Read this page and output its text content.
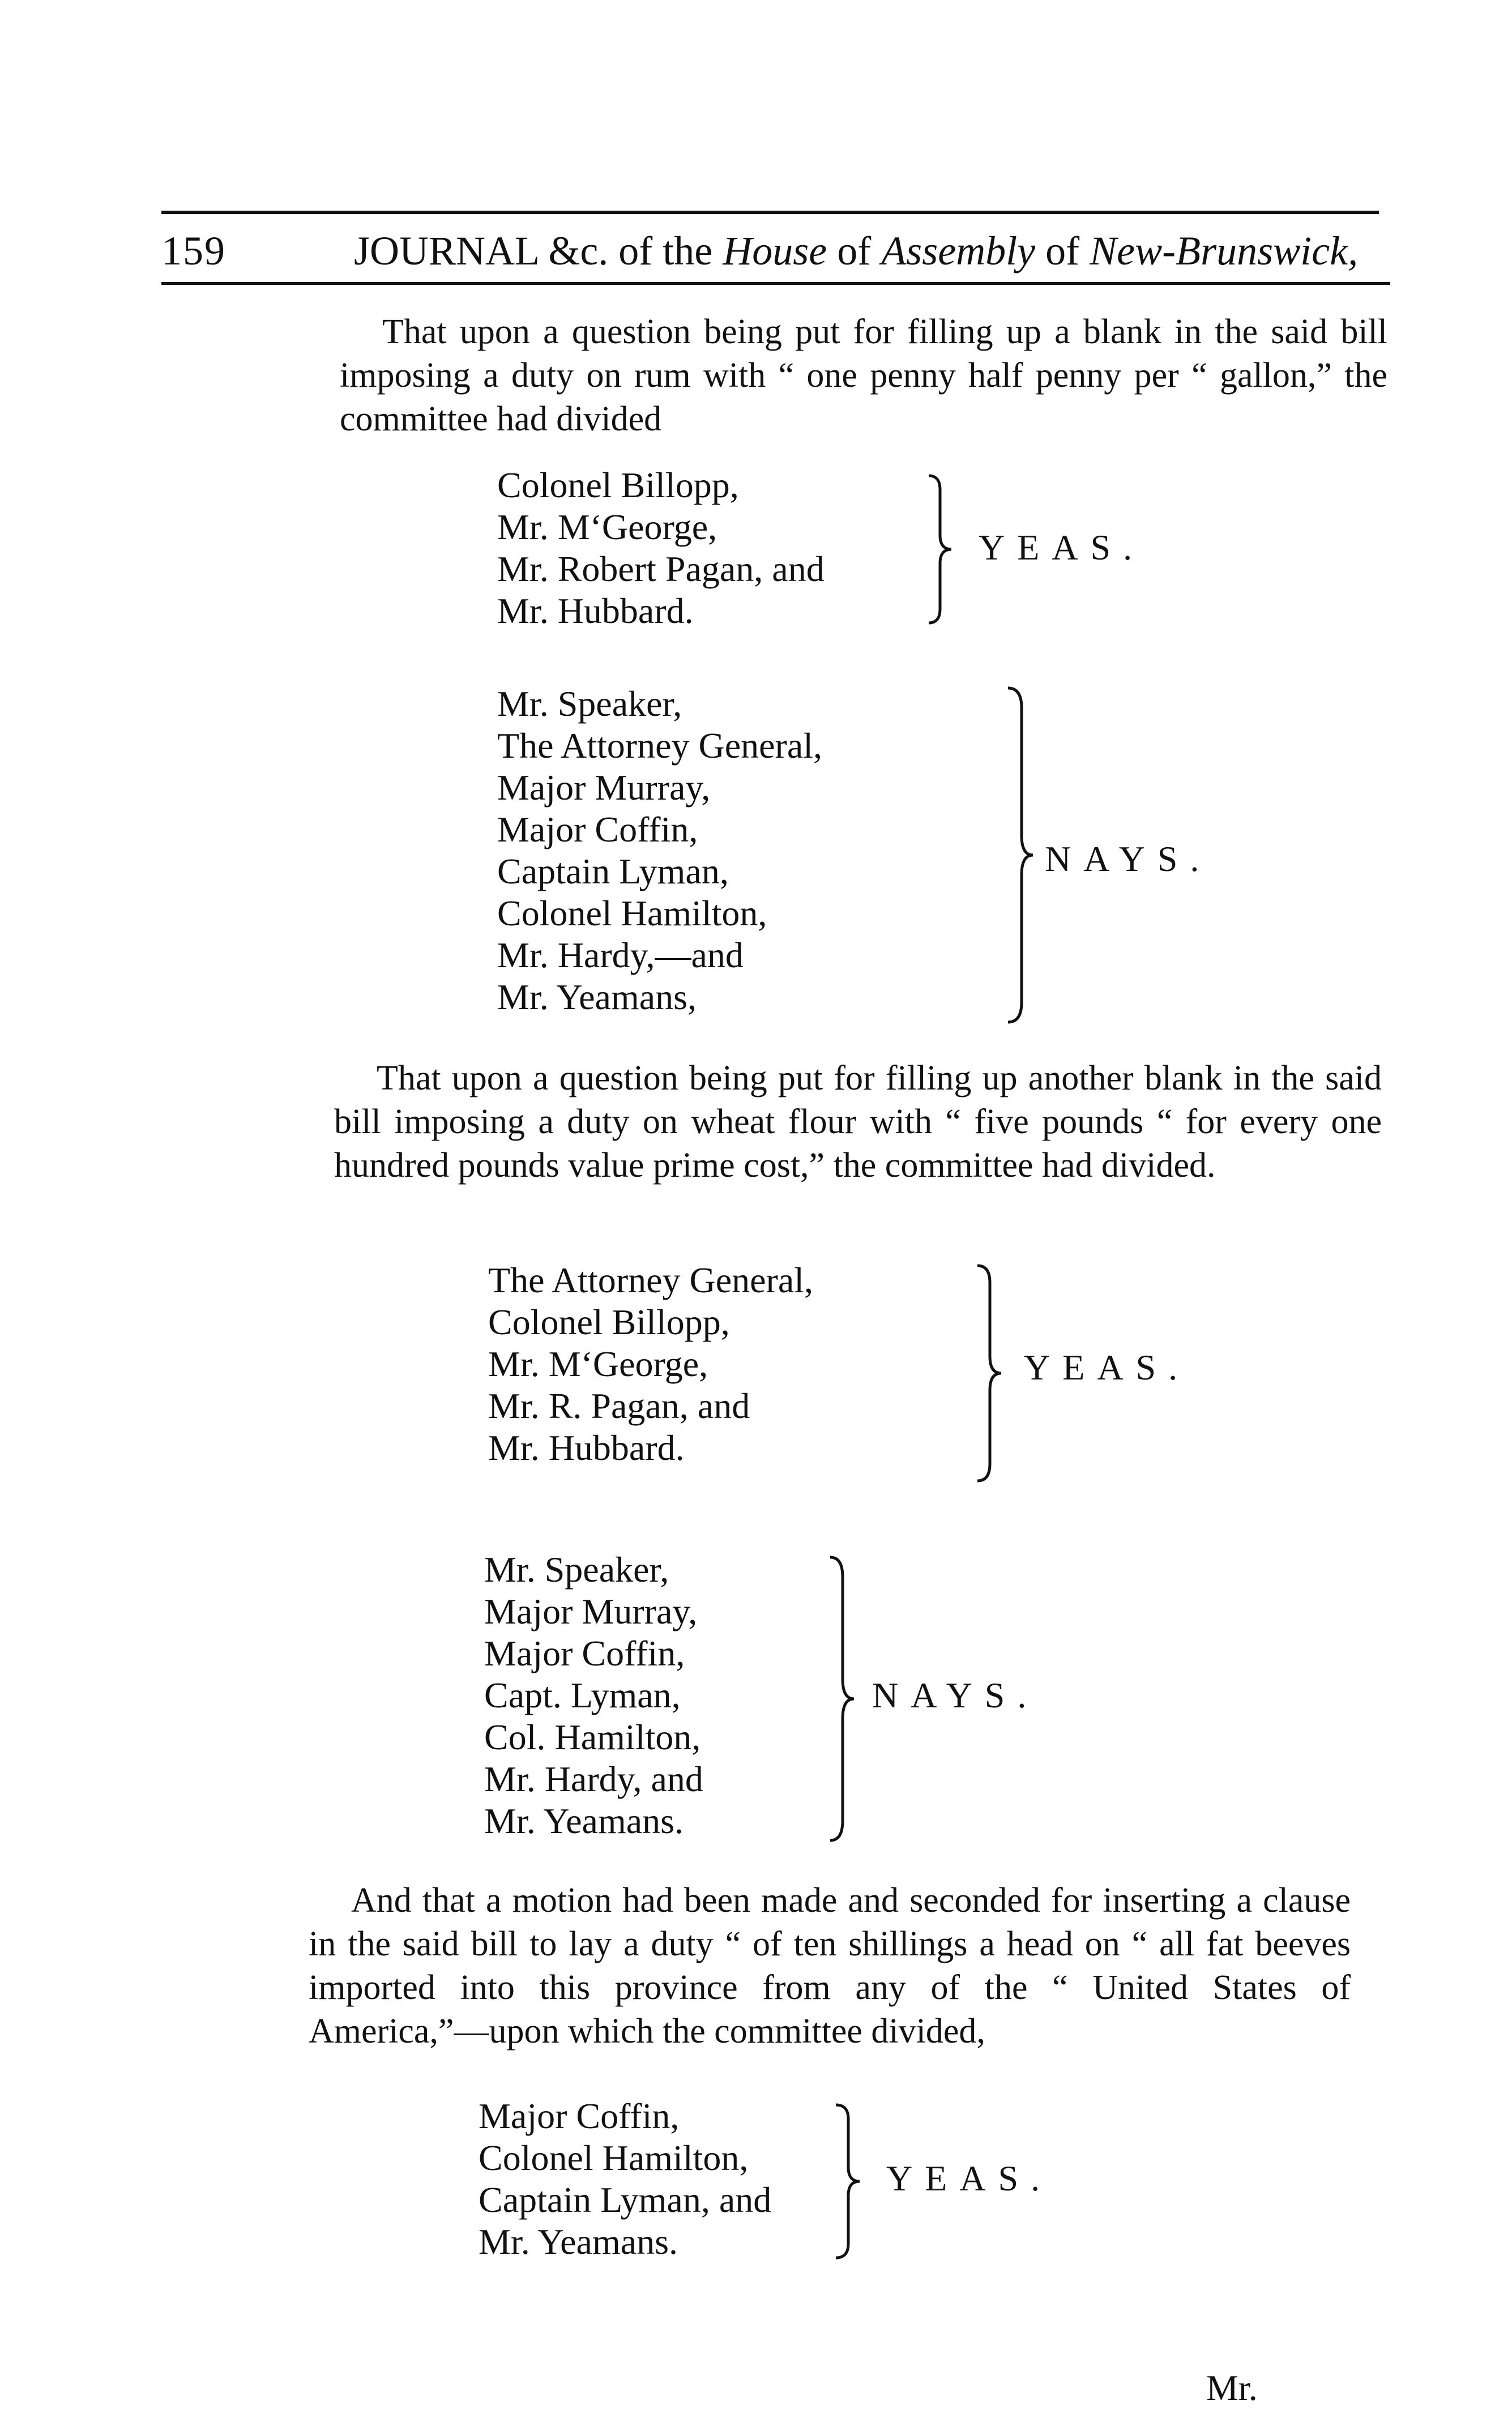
159	JOURNAL &c. of the House of Assembly of New-Brunswick,

That upon a question being put for filling up a blank in the said bill imposing a duty on rum with “ one penny half penny per “ gallon,” the committee had divided

Colonel Billopp,
Mr. M‘George,
Mr. Robert Pagan, and
Mr. Hubbard.
YEAS.
Mr. Speaker,
The Attorney General,
Major Murray,
Major Coffin,
Captain Lyman,
Colonel Hamilton,
Mr. Hardy,—and
Mr. Yeamans,
NAYS.

That upon a question being put for filling up another blank in the said bill imposing a duty on wheat flour with “ five pounds “ for every one hundred pounds value prime cost,” the committee had divided.

The Attorney General,
Colonel Billopp,
Mr. M‘George,
Mr. R. Pagan, and
Mr. Hubbard.
YEAS.
Mr. Speaker,
Major Murray,
Major Coffin,
Capt. Lyman,
Col. Hamilton,
Mr. Hardy, and
Mr. Yeamans.
NAYS.

And that a motion had been made and seconded for inserting a clause in the said bill to lay a duty “ of ten shillings a head on “ all fat beeves imported into this province from any of the “ United States of America,”—upon which the committee divided,

Major Coffin,
Colonel Hamilton,
Captain Lyman, and
Mr. Yeamans.
YEAS.
Mr.
